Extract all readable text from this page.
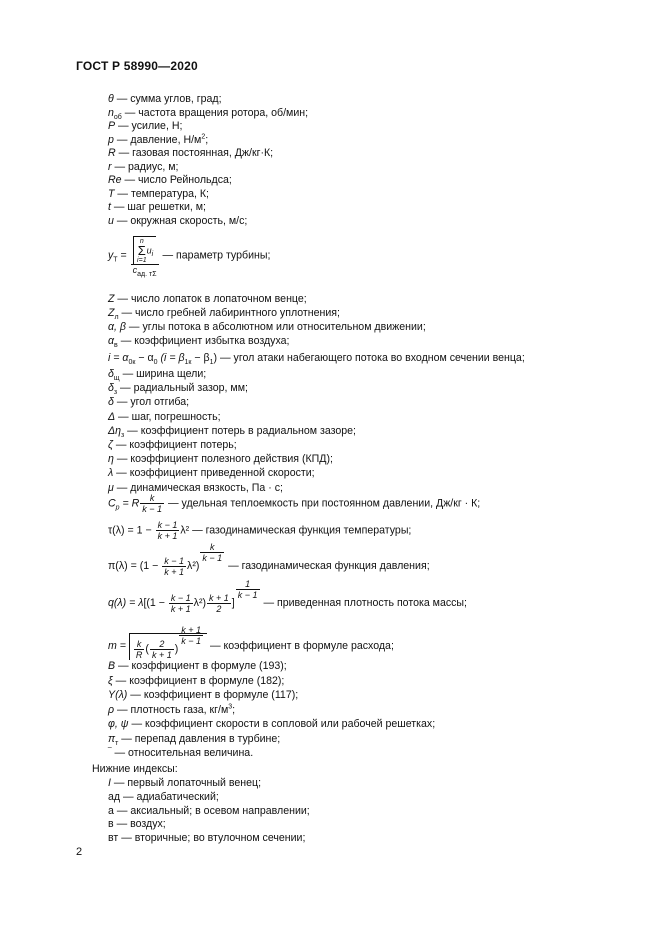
ГОСТ Р 58990—2020
θ — сумма углов, град;
$n_{об}$ — частота вращения ротора, об/мин;
P — усилие, Н;
p — давление, $Н/м^2$;
R — газовая постоянная, Дж/кг·К;
r — радиус, м;
Re — число Рейнольдса;
T — температура, К;
t — шаг решетки, м;
u — окружная скорость, м/с;
$y_T = n$
Σ
$i=1u_i$
$c_{ад. т\Sigma}$ — параметр турбины;
Z — число лопаток в лопаточном венце;
$Z_л$ — число гребней лабиринтного уплотнения;
α, β — углы потока в абсолютном или относительном движении;
$\alpha_в$ — коэффициент избытка воздуха;
$i = \alpha_{0к} - \alpha_0$ $(i = \beta_{1к} - \beta_1)$ — угол атаки набегающего потока во входном сечении венца;
$\delta_щ$ — ширина щели;
$\delta_з$ — радиальный зазор, мм;
δ — угол отгиба;
Δ — шаг, погрешность;
$\Delta\eta_з$ — коэффициент потерь в радиальном зазоре;
ζ — коэффициент потерь;
η — коэффициент полезного действия (КПД);
λ — коэффициент приведенной скорости;
μ — динамическая вязкость, Па · с;
$C_p = R \frac{k}{k - 1}$ — удельная теплоемкость при постоянном давлении, Дж/кг · К;
$\tau(\lambda) = 1 - \frac{k - 1}{k + 1} \lambda^2$ — газодинамическая функция температуры;
$\pi(\lambda) = (1 - \frac{k - 1}{k + 1} \lambda^2)$
$^{\frac{k}{k - 1}}$
— газодинамическая функция давления;
$q(\lambda) = \lambda[(1 - \frac{k - 1}{k + 1} \lambda^2) \frac{k + 1}{2}$ ]
$^{\frac{1}{k - 1}}$
— приведенная плотность потока массы;
$m = \frac{k}{R}$ ( $\frac{2}{k + 1}$ )
$^{\frac{k + 1}{k - 1}}$
— коэффициент в формуле расхода;
B — коэффициент в формуле (193);
ξ — коэффициент в формуле (182);
Y(λ) — коэффициент в формуле (117);
ρ — плотность газа, $кг/м^3$;
φ, ψ — коэффициент скорости в сопловой или рабочей решетках;
$\pi_т$ — перепад давления в турбине;
‾ — относительная величина.
Нижние индексы:
I — первый лопаточный венец;
ад — адиабатический;
а — аксиальный; в осевом направлении;
в — воздух;
вт — вторичные; во втулочном сечении;
2
